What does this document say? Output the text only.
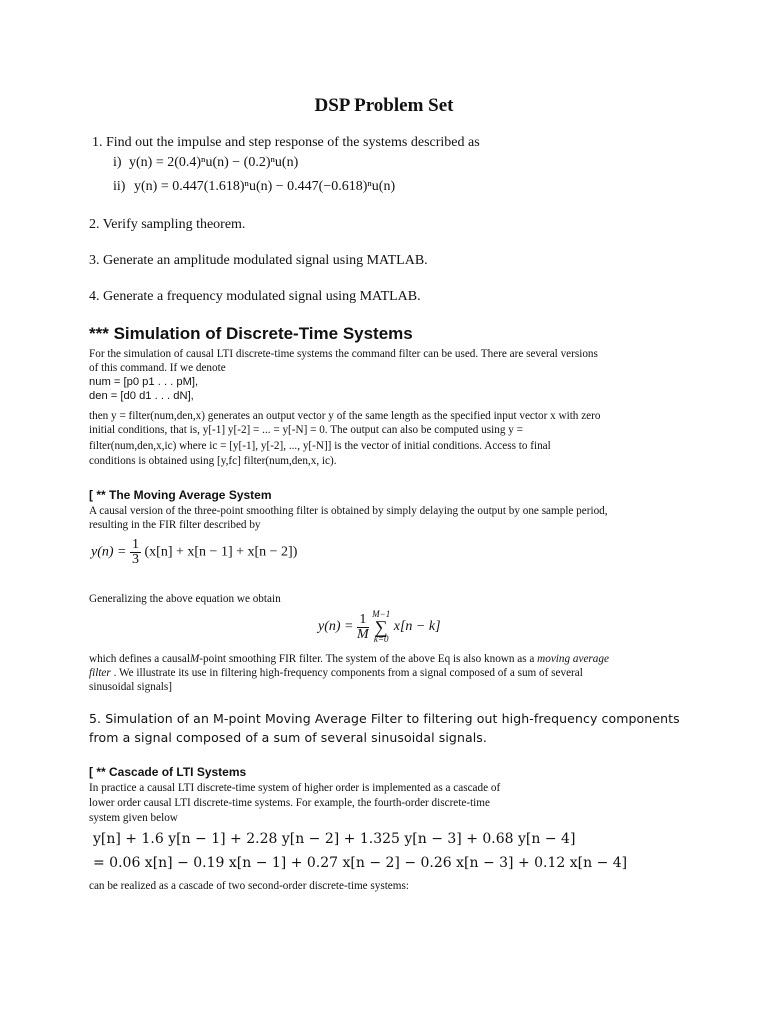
DSP Problem Set
1. Find out the impulse and step response of the systems described as
i) y(n) = 2(0.4)ⁿu(n) − (0.2)ⁿu(n)
ii) y(n) = 0.447(1.618)ⁿu(n) − 0.447(−0.618)ⁿu(n)
2. Verify sampling theorem.
3. Generate an amplitude modulated signal using MATLAB.
4. Generate a frequency modulated signal using MATLAB.
*** Simulation of Discrete-Time Systems
For the simulation of causal LTI discrete-time systems the command filter can be used. There are several versions
of this command. If we denote
num = [p0 p1 . . . pM],
den = [d0 d1 . . . dN],
then y = filter(num,den,x) generates an output vector y of the same length as the specified input vector x with zero
initial conditions, that is, y[-1] y[-2] = ... = y[-N] = 0. The output can also be computed using y =
filter(num,den,x,ic) where ic = [y[-1], y[-2], ..., y[-N]] is the vector of initial conditions. Access to final
conditions is obtained using [y,fc] filter(num,den,x, ic).
[ ** The Moving Average System
A causal version of the three-point smoothing filter is obtained by simply delaying the output by one sample period,
resulting in the FIR filter described by
$y(n) = \frac{1}{3} (x[n] + x[n - 1] + x[n - 2])$
Generalizing the above equation we obtain
$y(n) = \frac{1}{M}$
M−1
∑
k=0
x[n − k]
which defines a causalM-point smoothing FIR filter. The system of the above Eq is also known as a moving average
filter . We illustrate its use in filtering high-frequency components from a signal composed of a sum of several
sinusoidal signals]
5. Simulation of an M-point Moving Average Filter to filtering out high-frequency components
from a signal composed of a sum of several sinusoidal signals.
[ ** Cascade of LTI Systems
In practice a causal LTI discrete-time system of higher order is implemented as a cascade of
lower order causal LTI discrete-time systems. For example, the fourth-order discrete-time
system given below
y[n] + 1.6 y[n − 1] + 2.28 y[n − 2] + 1.325 y[n − 3] + 0.68 y[n − 4]
= 0.06 x[n] − 0.19 x[n − 1] + 0.27 x[n − 2] − 0.26 x[n − 3] + 0.12 x[n − 4]
can be realized as a cascade of two second-order discrete-time systems:
